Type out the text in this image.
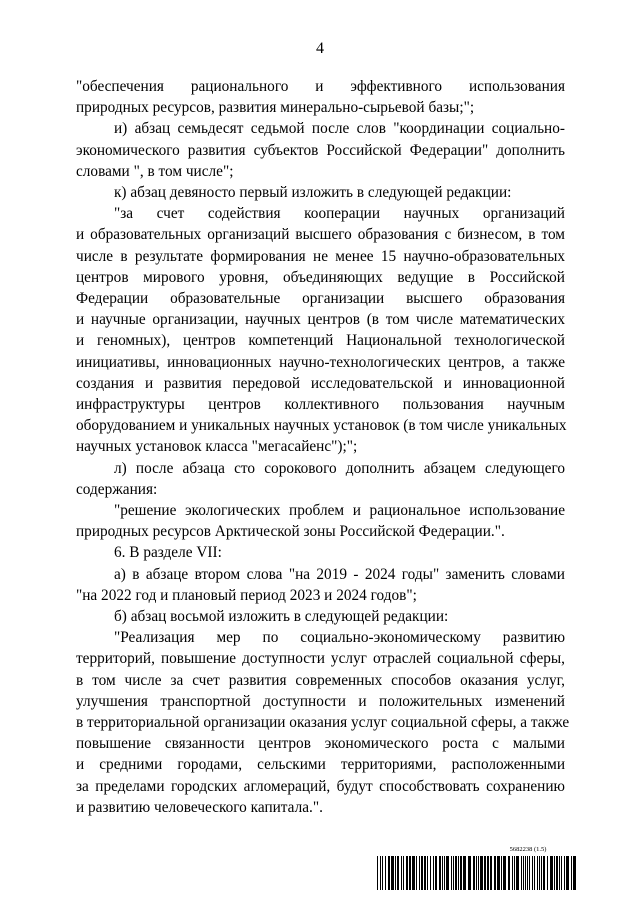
4
"обеспечения рационального и эффективного использования
природных ресурсов, развития минерально-сырьевой базы;";
и) абзац семьдесят седьмой после слов "координации социально-
экономического развития субъектов Российской Федерации" дополнить
словами ", в том числе";
к) абзац девяносто первый изложить в следующей редакции:
"за счет содействия кооперации научных организаций
и образовательных организаций высшего образования с бизнесом, в том
числе в результате формирования не менее 15 научно-образовательных
центров мирового уровня, объединяющих ведущие в Российской
Федерации образовательные организации высшего образования
и научные организации, научных центров (в том числе математических
и геномных), центров компетенций Национальной технологической
инициативы, инновационных научно-технологических центров, а также
создания и развития передовой исследовательской и инновационной
инфраструктуры центров коллективного пользования научным
оборудованием и уникальных научных установок (в том числе уникальных
научных установок класса "мегасайенс");";
л) после абзаца сто сорокового дополнить абзацем следующего
содержания:
"решение экологических проблем и рациональное использование
природных ресурсов Арктической зоны Российской Федерации.".
6. В разделе VII:
а) в абзаце втором слова "на 2019 - 2024 годы" заменить словами
"на 2022 год и плановый период 2023 и 2024 годов";
б) абзац восьмой изложить в следующей редакции:
"Реализация мер по социально-экономическому развитию
территорий, повышение доступности услуг отраслей социальной сферы,
в том числе за счет развития современных способов оказания услуг,
улучшения транспортной доступности и положительных изменений
в территориальной организации оказания услуг социальной сферы, а также
повышение связанности центров экономического роста с малыми
и средними городами, сельскими территориями, расположенными
за пределами городских агломераций, будут способствовать сохранению
и развитию человеческого капитала.".
5682238 (1.5)
